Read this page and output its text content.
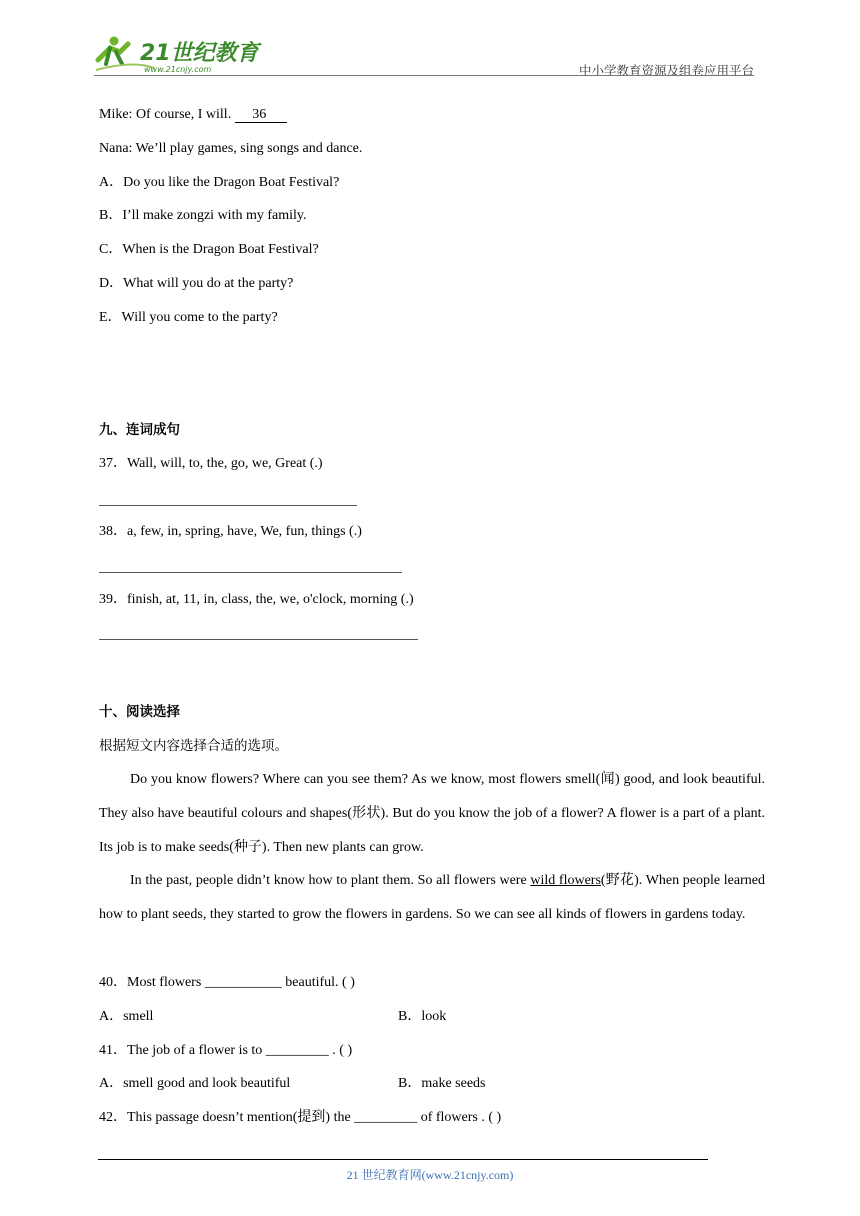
21世纪教育
www.21cnjy.com	中小学教育资源及组卷应用平台
Mike: Of course, I will.      36
Nana: We’ll play games, sing songs and dance.
A．Do you like the Dragon Boat Festival?
B．I’ll make zongzi with my family.
C．When is the Dragon Boat Festival?
D．What will you do at the party?
E．Will you come to the party?
九、连词成句
37．Wall, will, to, the, go, we, Great (.)
38．a, few, in, spring, have, We, fun, things (.)
39．finish, at, 11, in, class, the, we, o'clock, morning (.)
十、阅读选择
根据短文内容选择合适的选项。
Do you know flowers? Where can you see them? As we know, most flowers smell(闻) good, and look beautiful. They also have beautiful colours and shapes(形状). But do you know the job of a flower? A flower is a part of a plant. Its job is to make seeds(种子). Then new plants can grow.
In the past, people didn’t know how to plant them. So all flowers were wild flowers(野花). When people learned how to plant seeds, they started to grow the flowers in gardens. So we can see all kinds of flowers in gardens today.
40．Most flowers ___________ beautiful. ( )
A．smell	B．look
41．The job of a flower is to _________ . ( )
A．smell good and look beautiful	B．make seeds
42．This passage doesn’t mention(提到) the _________ of flowers . ( )
21 世纪教育网(www.21cnjy.com)
